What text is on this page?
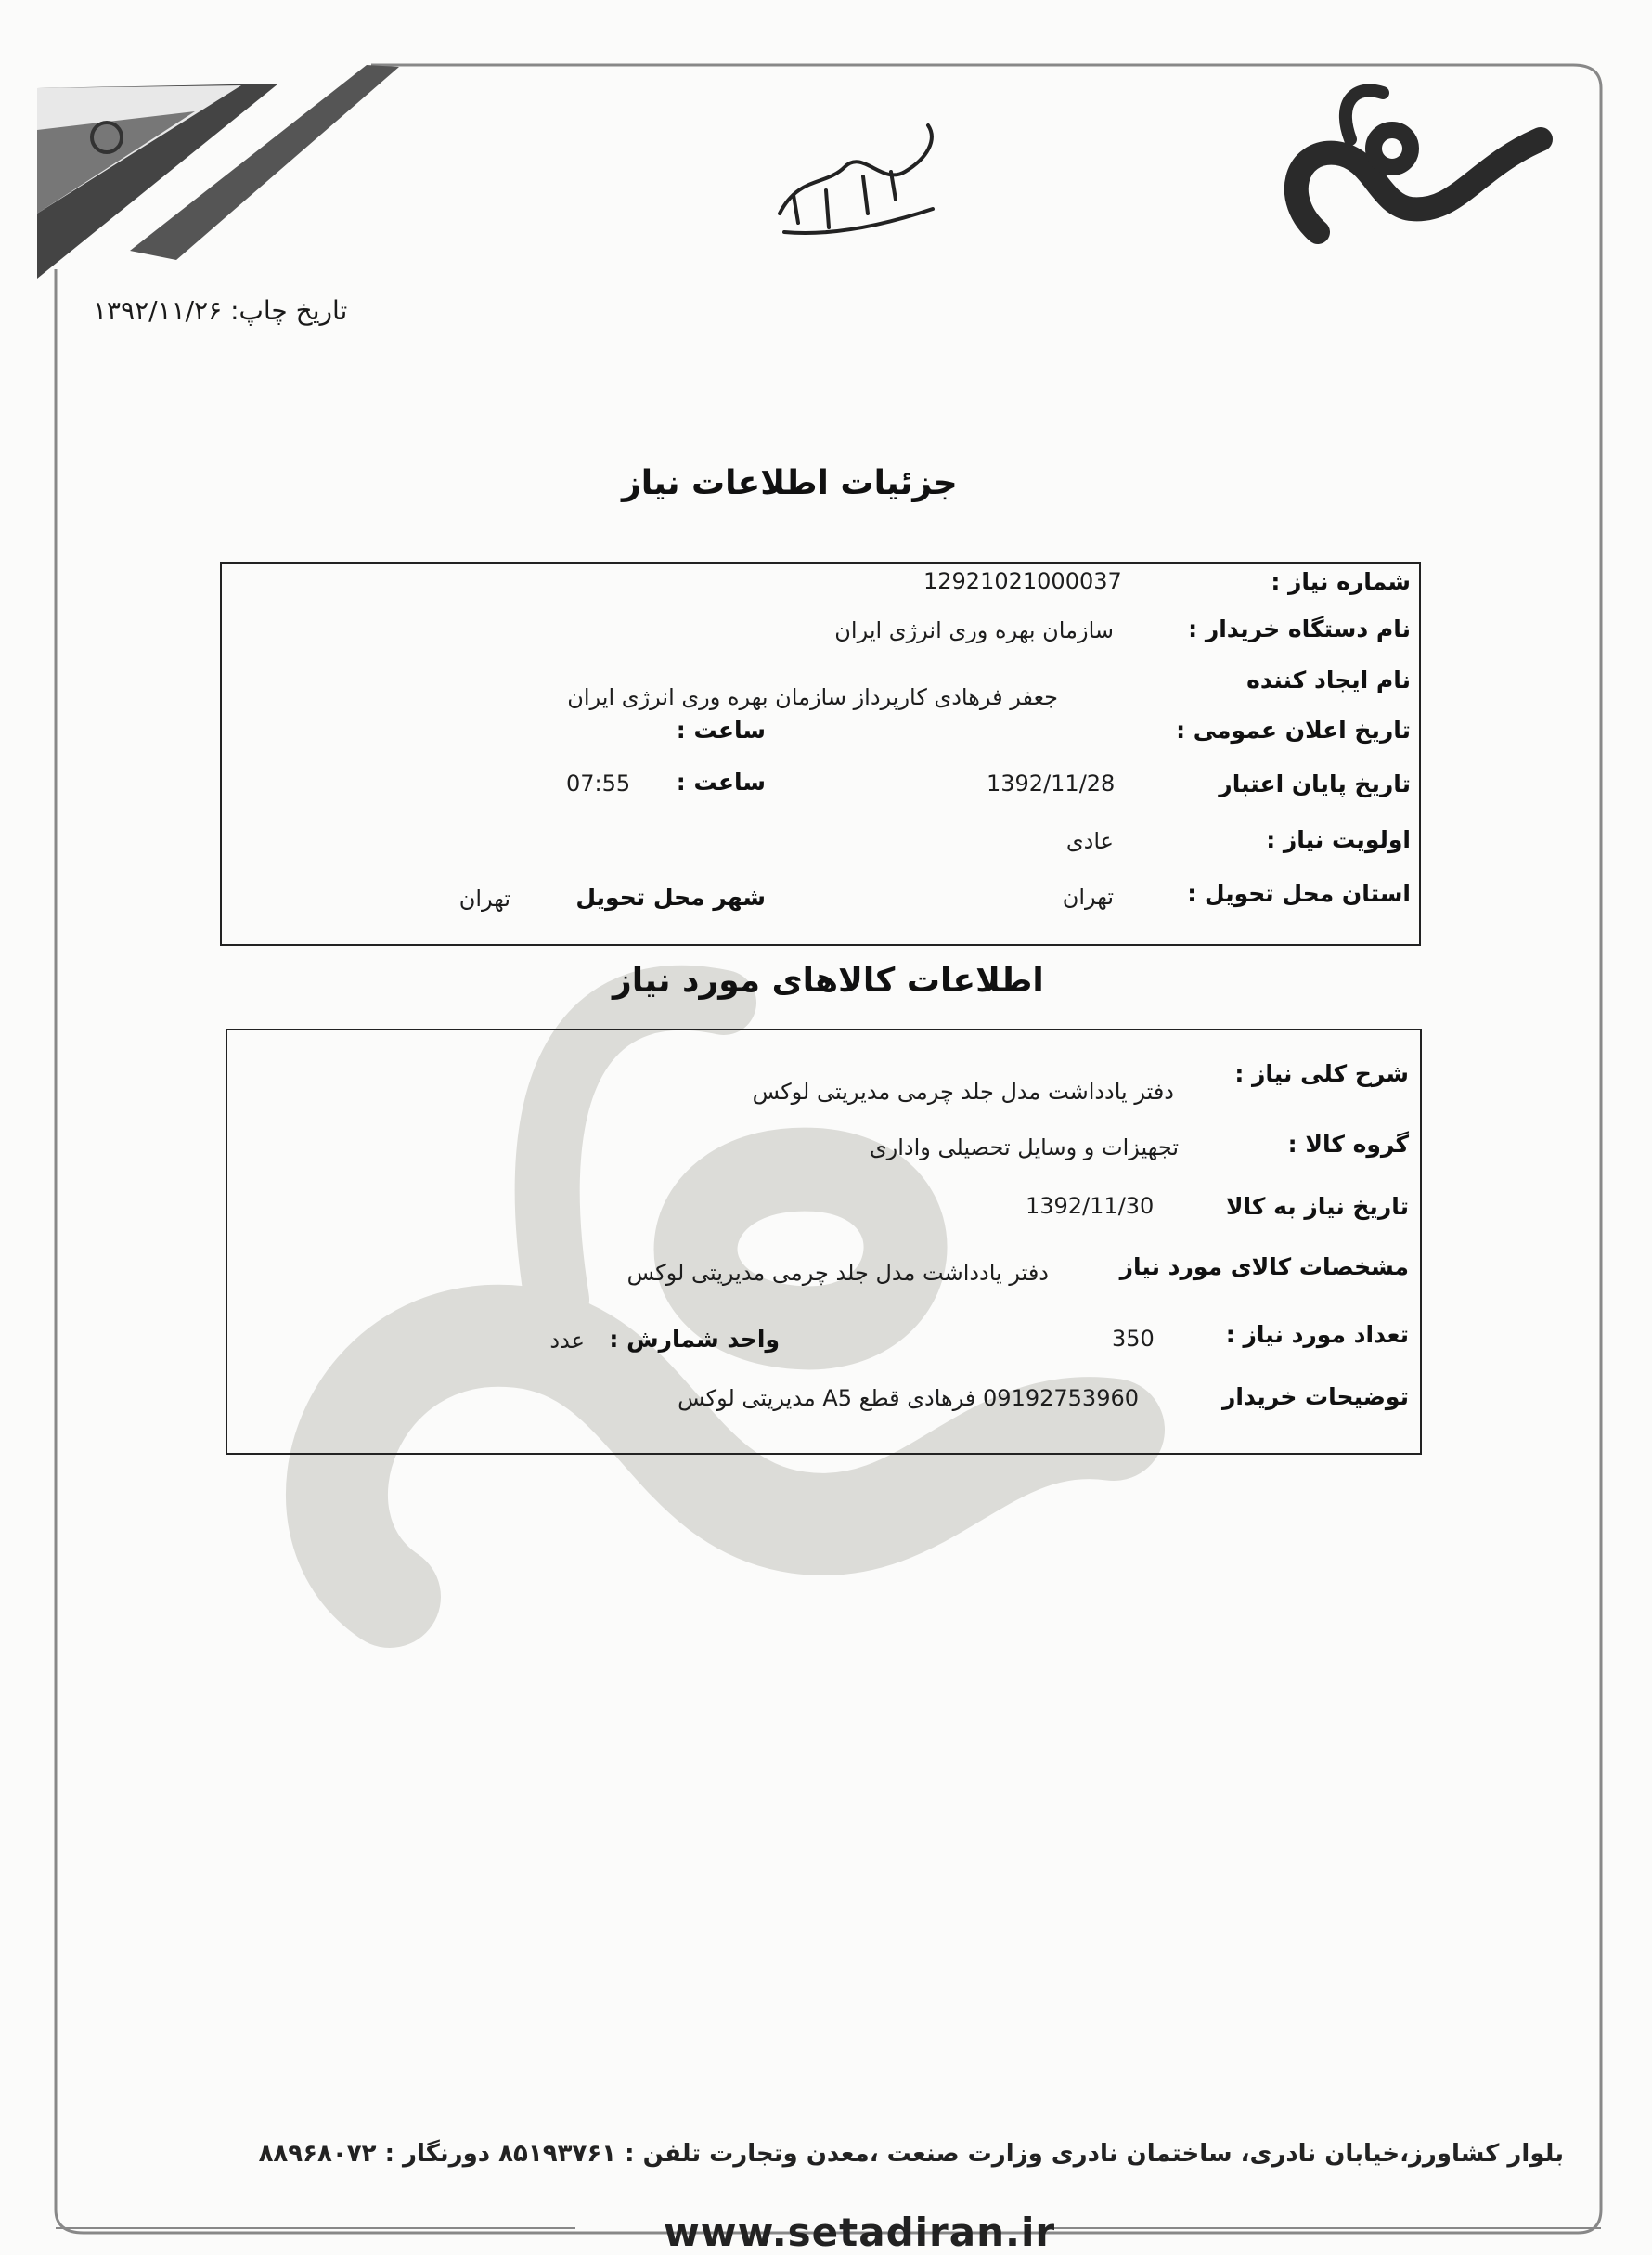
تاریخ چاپ: ۱۳۹۲/۱۱/۲۶
جزئیات اطلاعات نیاز
شماره نیاز :
12921021000037
نام دستگاه خریدار :
سازمان بهره وری انرژی ایران
نام ایجاد کننده
جعفر فرهادی کارپرداز سازمان بهره وری انرژی ایران
تاریخ اعلان عمومی :
ساعت :
تاریخ پایان اعتبار
1392/11/28
ساعت :
07:55
اولویت نیاز :
عادی
استان محل تحویل :
تهران
شهر محل تحویل
تهران
اطلاعات کالاهای مورد نیاز
شرح کلی نیاز :
دفتر یادداشت مدل جلد چرمی مدیریتی لوکس
گروه کالا :
تجهیزات و وسایل تحصیلی واداری
تاریخ نیاز به کالا
1392/11/30
مشخصات کالای مورد نیاز
دفتر یادداشت مدل جلد چرمی مدیریتی لوکس
تعداد مورد نیاز :
350
واحد شمارش :
عدد
توضیحات خریدار
09192753960 فرهادی قطع A5 مدیریتی لوکس
بلوار کشاورز،خیابان نادری، ساختمان نادری وزارت صنعت ،معدن وتجارت تلفن : ۸۵۱۹۳۷۶۱ دورنگار : ۸۸۹۶۸۰۷۲
www.setadiran.ir
